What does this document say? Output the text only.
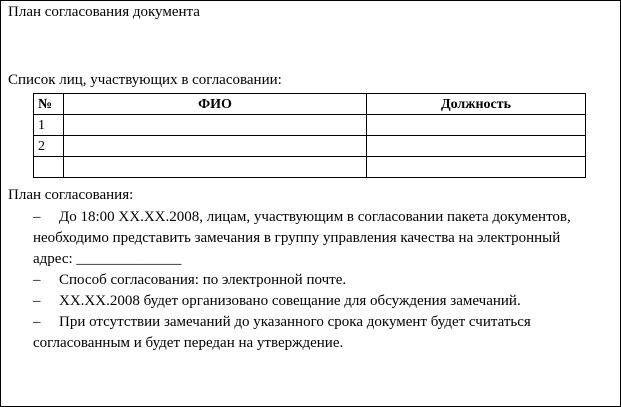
План согласования документа
Список лиц, участвующих в согласовании:
№	ФИО	Должность
1		
2		

План согласования:

– До 18:00 XX.XX.2008, лицам, участвующим в согласовании пакета документов, необходимо представить замечания в группу управления качества на электронный адрес: ______________

– Способ согласования: по электронной почте.

– XX.XX.2008 будет организовано совещание для обсуждения замечаний.

– При отсутствии замечаний до указанного срока документ будет считаться согласованным и будет передан на утверждение.
